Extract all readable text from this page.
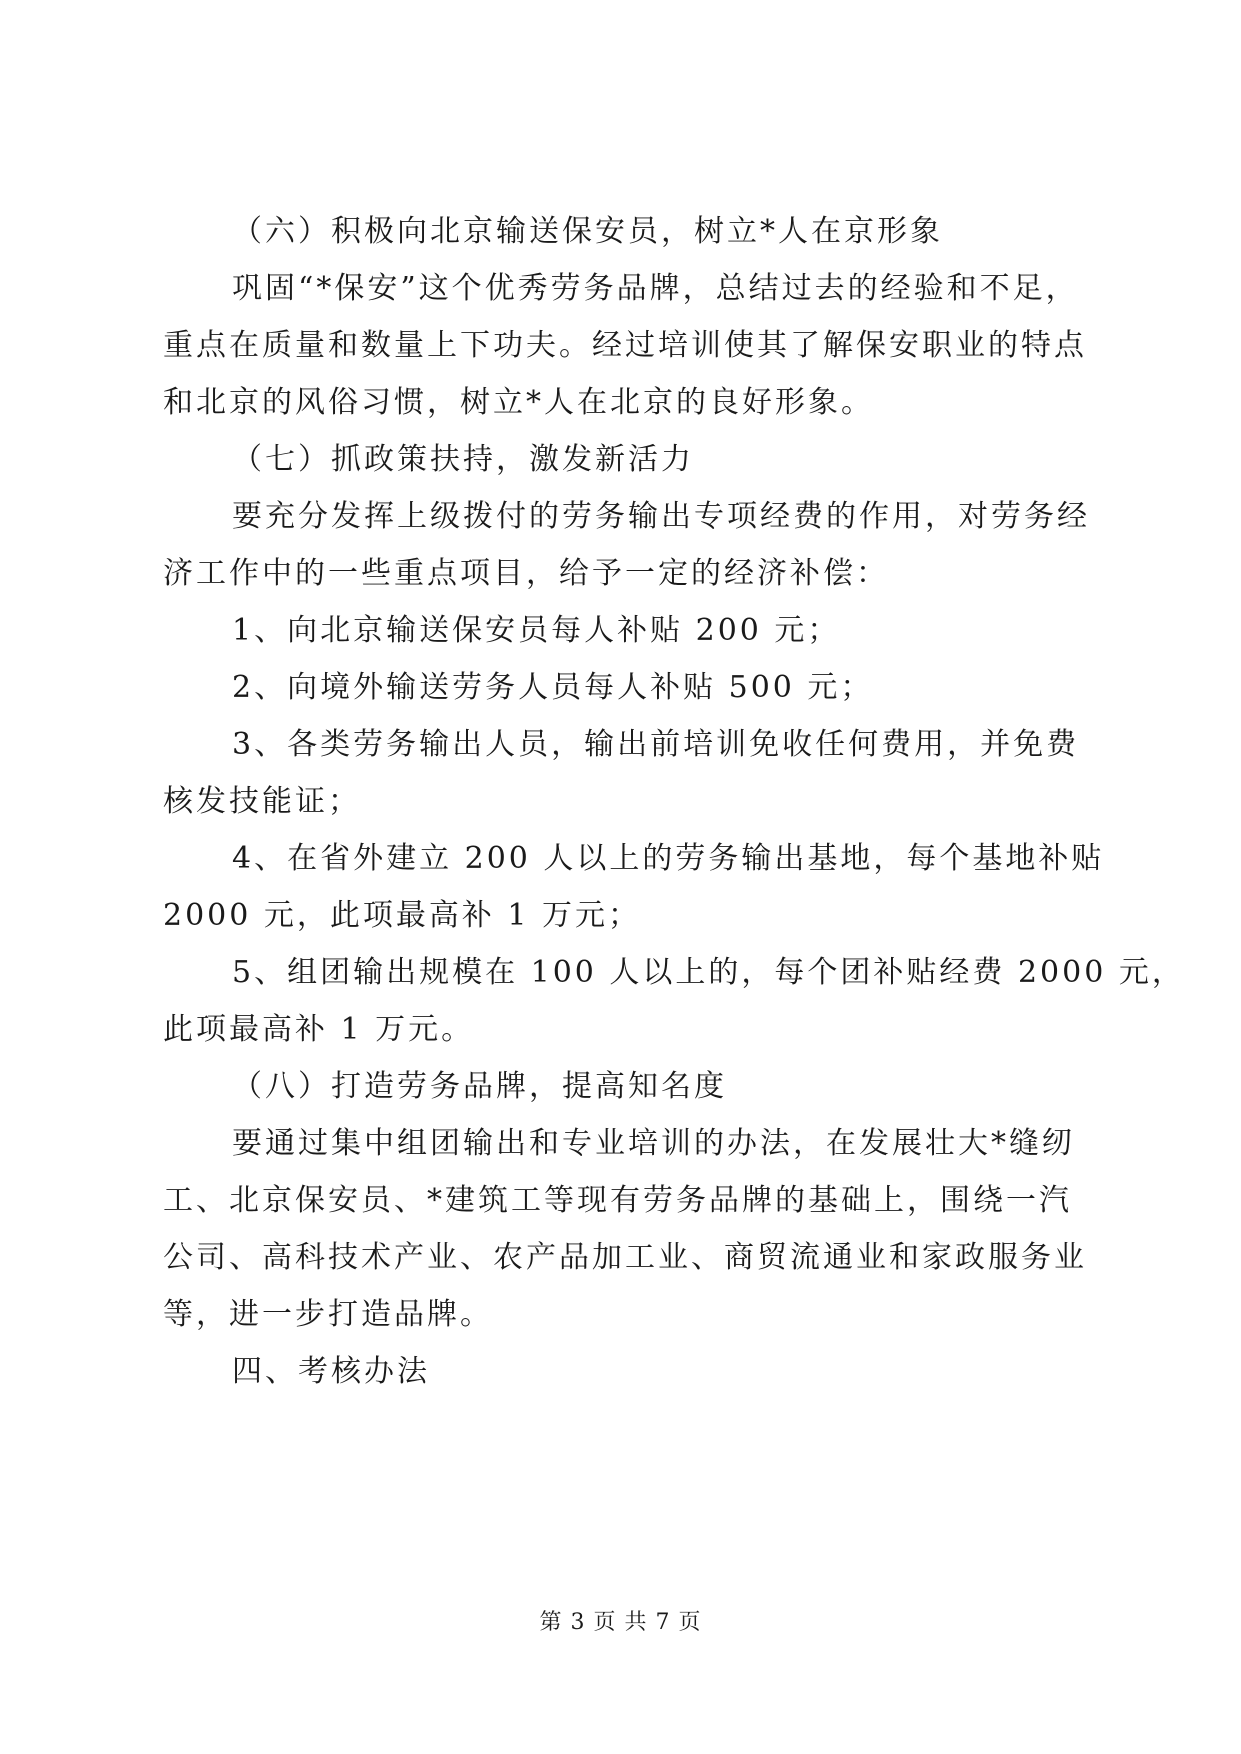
（六）积极向北京输送保安员，树立*人在京形象
巩固“*保安”这个优秀劳务品牌，总结过去的经验和不足，
重点在质量和数量上下功夫。经过培训使其了解保安职业的特点
和北京的风俗习惯，树立*人在北京的良好形象。
（七）抓政策扶持，激发新活力
要充分发挥上级拨付的劳务输出专项经费的作用，对劳务经
济工作中的一些重点项目，给予一定的经济补偿：
1、向北京输送保安员每人补贴 200 元；
2、向境外输送劳务人员每人补贴 500 元；
3、各类劳务输出人员，输出前培训免收任何费用，并免费
核发技能证；
4、在省外建立 200 人以上的劳务输出基地，每个基地补贴
2000 元，此项最高补 1 万元；
5、组团输出规模在 100 人以上的，每个团补贴经费 2000 元，
此项最高补 1 万元。
（八）打造劳务品牌，提高知名度
要通过集中组团输出和专业培训的办法，在发展壮大*缝纫
工、北京保安员、*建筑工等现有劳务品牌的基础上，围绕一汽
公司、高科技术产业、农产品加工业、商贸流通业和家政服务业
等，进一步打造品牌。
四、考核办法
第 3 页 共 7 页
